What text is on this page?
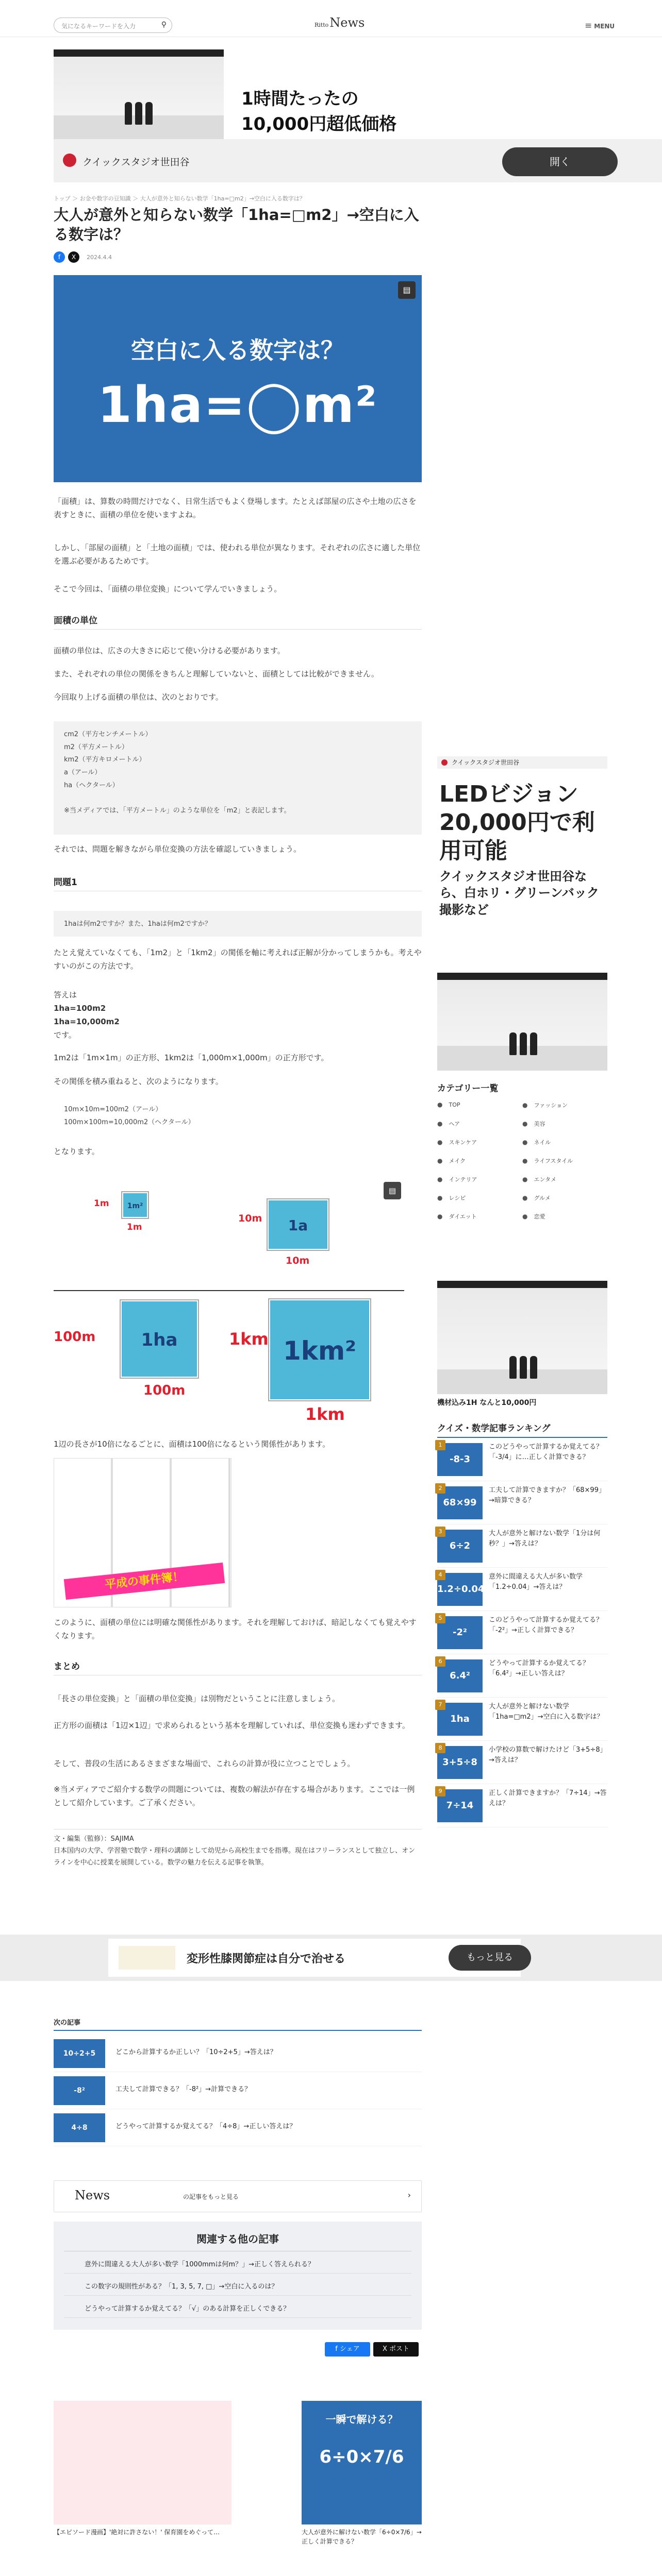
気になるキーワードを入力	⚲	RittoNews	≡ MENU
1時間たったの10,000円超低価格
クイックスタジオ世田谷	開く
トップ ＞ お金や数字の豆知識 ＞ 大人が意外と知らない数学「1ha=□m2」→空白に入る数字は？
大人が意外と知らない数学「1ha=□m2」→空白に入る数字は？
f X 2024.4.4
▤
空白に入る数字は？
1ha=◯m²
「面積」は、算数の時間だけでなく、日常生活でもよく登場します。たとえば部屋の広さや土地の広さを表すときに、面積の単位を使いますよね。
しかし、「部屋の面積」と「土地の面積」では、使われる単位が異なります。それぞれの広さに適した単位を選ぶ必要があるためです。
そこで今回は、「面積の単位変換」について学んでいきましょう。
面積の単位
面積の単位は、広さの大きさに応じて使い分ける必要があります。
また、それぞれの単位の関係をきちんと理解していないと、面積としては比較ができません。
今回取り上げる面積の単位は、次のとおりです。
cm2（平方センチメートル）
m2（平方メートル）
km2（平方キロメートル）
a（アール）
ha（ヘクタール）

※当メディアでは、「平方メートル」のような単位を「m2」と表記します。
それでは、問題を解きながら単位変換の方法を確認していきましょう。
問題1
1haは何m2ですか？また、1haは何m2ですか？
たとえ覚えていなくても、「1m2」と「1km2」の関係を軸に考えれば正解が分かってしまうかも。考えやすいのがこの方法です。
答えは
1ha=100m2
1ha=10,000m2
です。
1m2は「1m×1m」の正方形、1km2は「1,000m×1,000m」の正方形です。
その関係を積み重ねると、次のようになります。
10m×10m=100m2（アール）
100m×100m=10,000m2（ヘクタール）
となります。
1m	1m²
1m
10m	1a
10m
▤
100m	1ha
100m
1km 1km²
1km
1辺の長さが10倍になるごとに、面積は100倍になるという関係性があります。
平成の事件簿！
このように、面積の単位には明確な関係性があります。それを理解しておけば、暗記しなくても覚えやすくなります。
まとめ
「長さの単位変換」と「面積の単位変換」は別物だということに注意しましょう。
正方形の面積は「1辺×1辺」で求められるという基本を理解していれば、単位変換も迷わずできます。
そして、普段の生活にあるさまざまな場面で、これらの計算が役に立つことでしょう。
※当メディアでご紹介する数学の問題については、複数の解法が存在する場合があります。ここでは一例として紹介しています。ご了承ください。
文・編集（監修）：SAJIMA
日本国内の大学、学習塾で数学・理科の講師として幼児から高校生までを指導。現在はフリーランスとして独立し、オンラインを中心に授業を展開している。数学の魅力を伝える記事を執筆。
クイックスタジオ世田谷
LEDビジョン20,000円で利用可能
クイックスタジオ世田谷なら、白ホリ・グリーンバック撮影など
カテゴリー一覧
● TOP	● ファッション
● ヘア	● 美容
● スキンケア	● ネイル
● メイク	● ライフスタイル
● インテリア	● エンタメ
● レシピ	● グルメ
● ダイエット	● 恋愛
機材込み1H なんと10,000円
クイズ・数学記事ランキング
-8-3
1	このどうやって計算するか覚えてる？「-3/4」に…正しく計算できる？
68×99
2	工夫して計算できますか？「68×99」→暗算できる？
6÷2
3	大人が意外と解けない数学「1分は何秒？」→答えは？
1.2÷0.04
4	意外に間違える大人が多い数学「1.2÷0.04」→答えは？
-2²
5	このどうやって計算するか覚えてる？「-2²」→正しく計算できる？
6.4²
6	どうやって計算するか覚えてる？「6.4²」→正しい答えは？
1ha
7	大人が意外と解けない数学「1ha=□m2」→空白に入る数字は？
3+5÷8
8	小学校の算数で解けたけど「3+5÷8」→答えは？
7÷14
9	正しく計算できますか？「7÷14」→答えは？
変形性膝関節症は自分で治せる	もっと見る
次の記事
10÷2+5	どこから計算するか正しい？「10÷2+5」→答えは？
-8²	工夫して計算できる？「-8²」→計算できる？
4÷8	どうやって計算するか覚えてる？「4÷8」→正しい答えは？
News	の記事をもっと見る	›
関連する他の記事
意外に間違える大人が多い数学「1000mmは何m？」→正しく答えられる？
この数字の規則性がある？「1, 3, 5, 7, □」→空白に入るのは？
どうやって計算するか覚えてる？「√」のある計算を正しくできる？
f シェア	X ポスト
【エピソード漫画】'絶対に許さない！' 保育園をめぐって…
一瞬で解ける？
6÷0×7/6
大人が意外に解けない数学「6÷0×7/6」→正しく計算できる？
